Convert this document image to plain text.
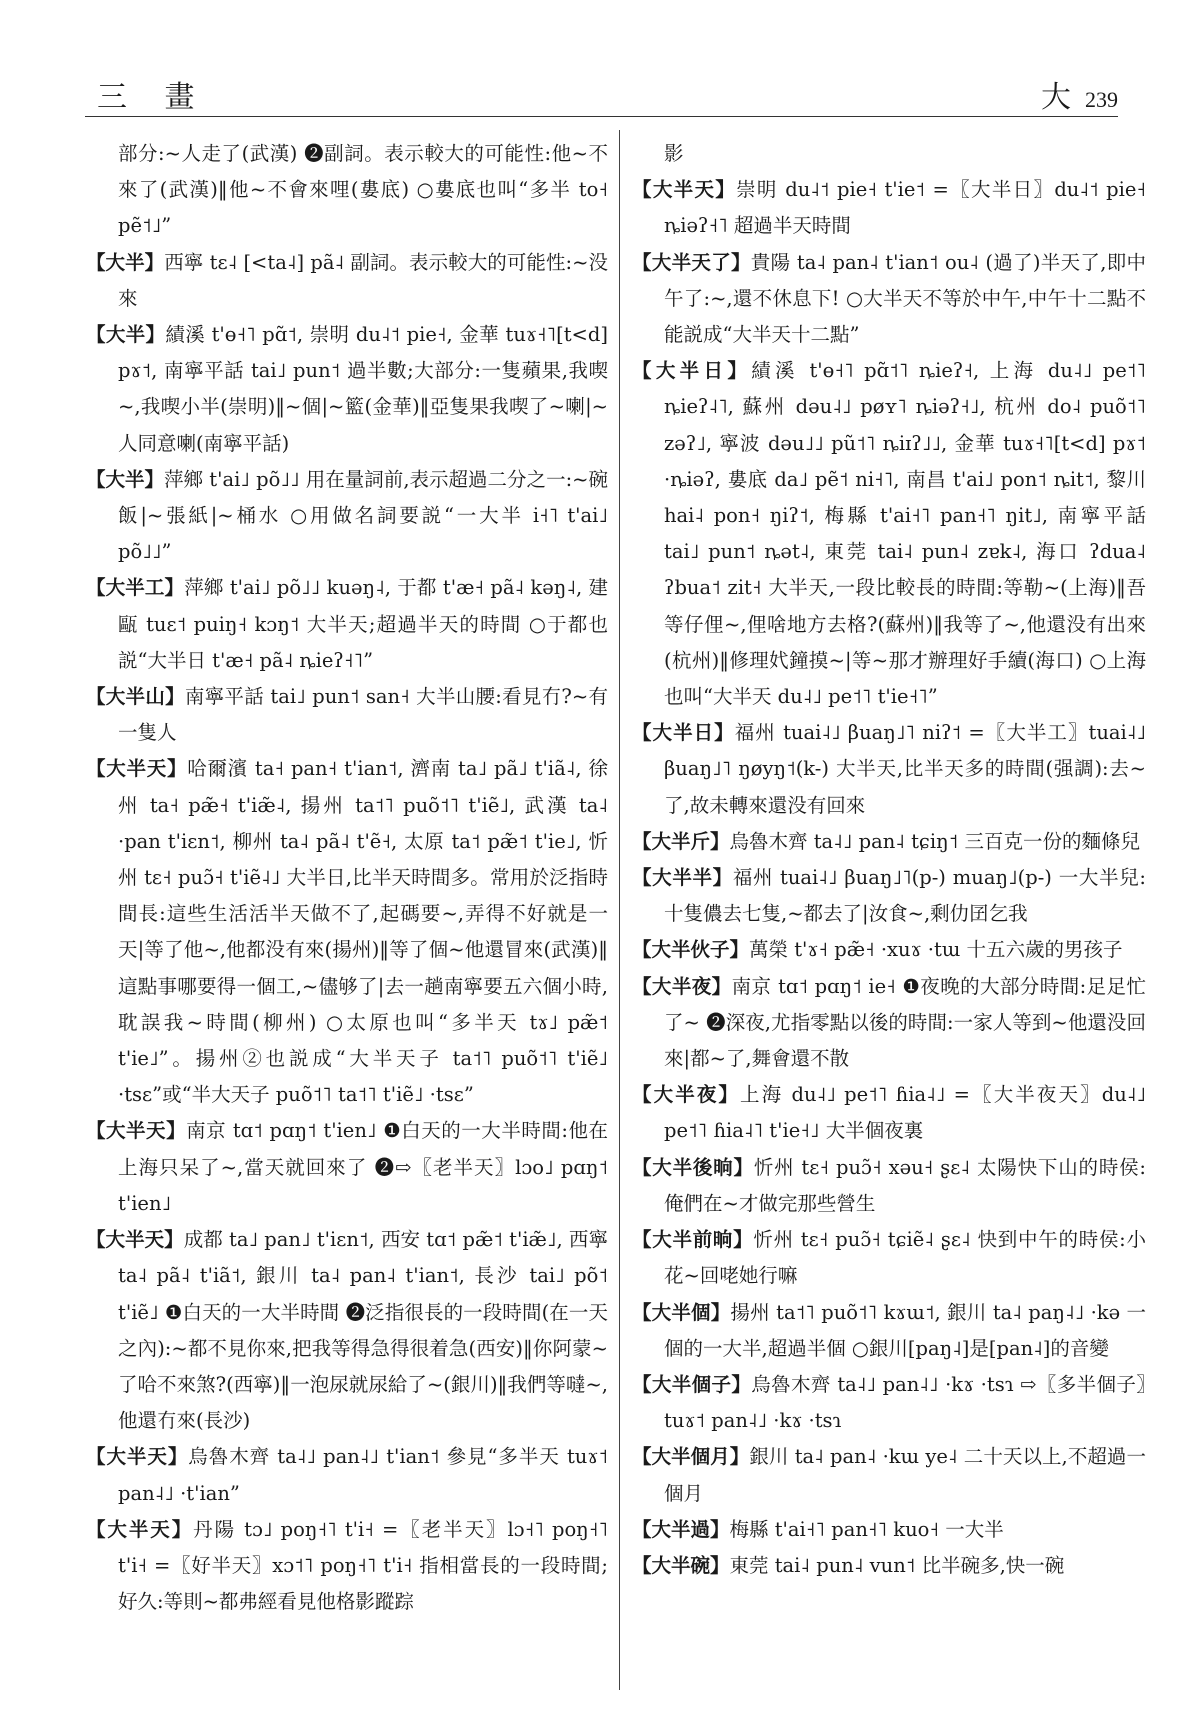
三 畫	大 239

部分:~人走了(武漢) ❷副詞。表示較大的可能性:他~不來了(武漢)‖他~不會來哩(婁底) ○婁底也叫“多半 to˧ pẽ˦˩”

【大半】西寧 tɛ˨ [<ta˨] pã˨ 副詞。表示較大的可能性:~没來

【大半】績溪 t'ɵ˧˥ pɑ̃˦, 崇明 du˨˦ pie˧, 金華 tuɤ˧˥[t<d] pɤ˦, 南寧平話 tai˩ pun˦ 過半數;大部分:一隻蘋果,我喫~,我喫小半(崇明)‖~個|~籃(金華)‖亞隻果我喫了~喇|~人同意喇(南寧平話)

【大半】萍鄉 t'ai˩ põ˩˩ 用在量詞前,表示超過二分之一:~碗飯|~張紙|~桶水 ○用做名詞要説“一大半 i˧˥ t'ai˩ põ˩˩”

【大半工】萍鄉 t'ai˩ põ˩˩ kuəŋ˨, 于都 t'æ˧ pã˨ kəŋ˨, 建甌 tuɛ˦ puiŋ˧ kɔŋ˦ 大半天;超過半天的時間 ○于都也説“大半日 t'æ˧ pã˨ ȵieʔ˧˥”

【大半山】南寧平話 tai˩ pun˦ san˧ 大半山腰:看見冇?~有一隻人

【大半天】哈爾濱 ta˧ pan˧ t'ian˦, 濟南 ta˩ pã˩ t'iã˨, 徐州 ta˧ pæ̃˧ t'iæ̃˨, 揚州 ta˦˥ puõ˦˥ t'iẽ˩, 武漢 ta˨ ·pan t'iɛn˦, 柳州 ta˨ pã˨ t'ẽ˧, 太原 ta˦ pæ̃˦ t'ie˩, 忻州 tɛ˧ puɔ̃˧ t'iẽ˨˩ 大半日,比半天時間多。常用於泛指時間長:這些生活活半天做不了,起碼要~,弄得不好就是一天|等了他~,他都没有來(揚州)‖等了個~他還冒來(武漢)‖這點事哪要得一個工,~儘够了|去一趟南寧要五六個小時,耽誤我~時間(柳州) ○太原也叫“多半天 tɤ˩ pæ̃˦ t'ie˩”。揚州②也説成“大半天子 ta˦˥ puõ˦˥ t'iẽ˩ ·tsɛ”或“半大天子 puõ˦˥ ta˦˥ t'iẽ˩ ·tsɛ”

【大半天】南京 tɑ˦ pɑŋ˦ t'ien˩ ❶白天的一大半時間:他在上海只呆了~,當天就回來了 ❷⇨〖老半天〗lɔo˩ pɑŋ˦ t'ien˩

【大半天】成都 ta˩ pan˩ t'iɛn˦, 西安 tɑ˦ pæ̃˦ t'iæ̃˩, 西寧 ta˨ pã˨ t'iã˦, 銀川 ta˨ pan˨ t'ian˦, 長沙 tai˩ põ˦ t'iẽ˩ ❶白天的一大半時間 ❷泛指很長的一段時間(在一天之內):~都不見你來,把我等得急得很着急(西安)‖你阿蒙~了哈不來煞?(西寧)‖一泡尿就尿給了~(銀川)‖我們等噠~,他還冇來(長沙)

【大半天】烏魯木齊 ta˨˩ pan˨˩ t'ian˦ 參見“多半天 tuɤ˦ pan˨˩ ·t'ian”

【大半天】丹陽 tɔ˩ poŋ˧˥ t'i˧ =〖老半天〗lɔ˧˥ poŋ˧˥ t'i˧ =〖好半天〗xɔ˦˥ poŋ˧˥ t'i˧ 指相當長的一段時間;好久:等則~都弗經看見他格影蹤踪

影

【大半天】崇明 du˨˦ pie˧ t'ie˦ =〖大半日〗du˨˦ pie˧ ȵiəʔ˧˥ 超過半天時間

【大半天了】貴陽 ta˨ pan˨ t'ian˦ ou˨ (過了)半天了,即中午了:~,還不休息下! ○大半天不等於中午,中午十二點不能説成“大半天十二點”

【大半日】績溪 t'ɵ˧˥ pɑ̃˦˥ ȵieʔ˧, 上海 du˨˩ pe˦˥ ȵieʔ˨˥, 蘇州 dəu˨˩ pøʏ˥ ȵiəʔ˧˩, 杭州 do˨ puõ˦˥ zəʔ˩, 寧波 dəu˩˩ pũ˦˥ ȵiɪʔ˩˩, 金華 tuɤ˧˥[t<d] pɤ˦ ·ȵiəʔ, 婁底 da˩ pẽ˦ ni˧˥, 南昌 t'ai˩ pon˦ ȵit˦, 黎川 hai˨ pon˧ ŋiʔ˦, 梅縣 t'ai˧˥ pan˧˥ ŋit˩, 南寧平話 tai˩ pun˦ ȵət˨, 東莞 tai˨ pun˨ zɐk˨, 海口 ʔdua˨ ʔbua˦ zit˧ 大半天,一段比較長的時間:等勒~(上海)‖吾等仔俚~,俚啥地方去格?(蘇州)‖我等了~,他還没有出來(杭州)‖修理㚤鐘摸~|等~那才辦理好手續(海口) ○上海也叫“大半天 du˨˩ pe˦˥ t'ie˧˥”

【大半日】福州 tuai˨˩ βuaŋ˩˥ niʔ˦ =〖大半工〗tuai˨˩ βuaŋ˩˥ ŋøyŋ˦(k-) 大半天,比半天多的時間(强調):去~了,故未轉來還没有回來

【大半斤】烏魯木齊 ta˨˩ pan˨ tɕiŋ˦ 三百克一份的麵條兒

【大半半】福州 tuai˨˩ βuaŋ˩˥(p-) muaŋ˩(p-) 一大半兒:十隻儂去七隻,~都去了|汝食~,剩仂囝乞我

【大半伙子】萬榮 t'ɤ˧ pæ̃˧ ·xuɤ ·tɯ 十五六歲的男孩子

【大半夜】南京 tɑ˦ pɑŋ˦ ie˧ ❶夜晚的大部分時間:足足忙了~ ❷深夜,尤指零點以後的時間:一家人等到~他還没回來|都~了,舞會還不散

【大半夜】上海 du˨˩ pe˦˥ ɦia˨˩ =〖大半夜天〗du˨˩ pe˦˥ ɦia˨˥ t'ie˧˩ 大半個夜裏

【大半後晌】忻州 tɛ˧ puɔ̃˧ xəu˧ ʂɛ˨ 太陽快下山的時侯:俺們在~才做完那些營生

【大半前晌】忻州 tɛ˧ puɔ̃˧ tɕiẽ˨ ʂɛ˨ 快到中午的時侯:小花~回咾她行嘛

【大半個】揚州 ta˦˥ puõ˦˥ kɤɯ˦, 銀川 ta˨ paŋ˨˩ ·kə 一個的一大半,超過半個 ○銀川[paŋ˨]是[pan˨]的音變

【大半個子】烏魯木齊 ta˨˩ pan˨˩ ·kɤ ·tsɿ ⇨〖多半個子〗tuɤ˦ pan˨˩ ·kɤ ·tsɿ

【大半個月】銀川 ta˨ pan˨ ·kɯ ye˨ 二十天以上,不超過一個月

【大半過】梅縣 t'ai˧˥ pan˧˥ kuo˧ 一大半

【大半碗】東莞 tai˨ pun˨ vun˦ 比半碗多,快一碗
